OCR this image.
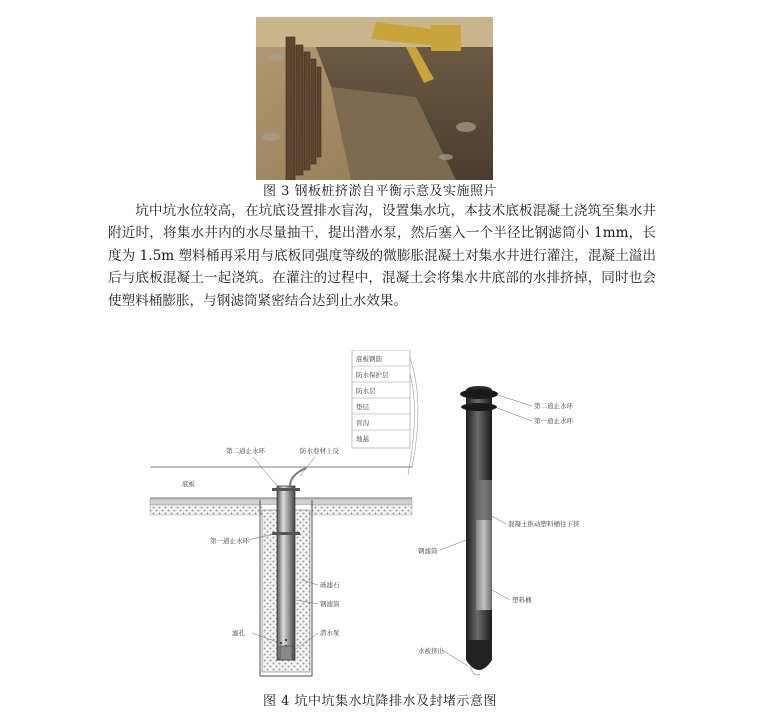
图 3 钢板桩挤淤自平衡示意及实施照片

坑中坑水位较高，在坑底设置排水盲沟，设置集水坑，本技术底板混凝土浇筑至集水井附近时，将集水井内的水尽量抽干，提出潜水泵，然后塞入一个半径比钢滤筒小 1mm，长度为 1.5m 塑料桶再采用与底板同强度等级的微膨胀混凝土对集水井进行灌注，混凝土溢出后与底板混凝土一起浇筑。在灌注的过程中，混凝土会将集水井底部的水排挤掉，同时也会使塑料桶膨胀，与钢滤筒紧密结合达到止水效果。

底板钢筋
防水保护层
防水层
垫层
盲沟
地基
第二道止水环	防水卷材上反
底板
第一道止水环
砾滤石
钢滤筒
滤孔	潜水泵
第二道止水环
第一道止水环
混凝土推动塑料桶往下挤
钢滤筒
塑料桶
水被挤出
图 4 坑中坑集水坑降排水及封堵示意图
